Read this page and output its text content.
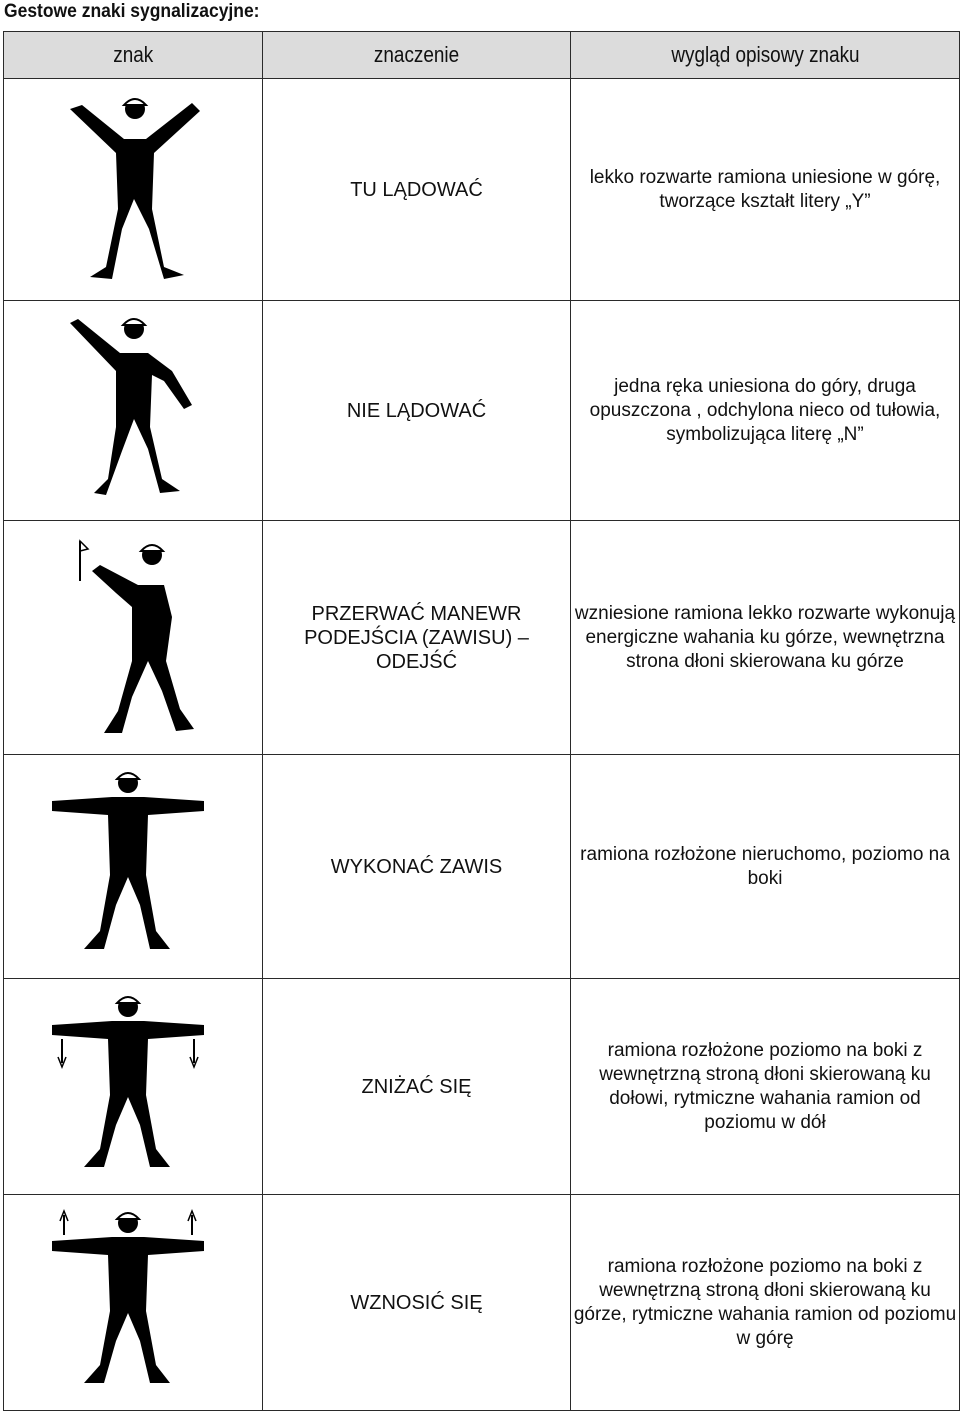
Gestowe znaki sygnalizacyjne:
znak	znaczenie	wygląd opisowy znaku

	TU LĄDOWAĆ	lekko rozwarte ramiona uniesione w górę, tworzące kształt litery „Y”

	NIE LĄDOWAĆ	jedna ręka uniesiona do góry, druga opuszczona , odchylona nieco od tułowia, symbolizująca literę „N”

	PRZERWAĆ MANEWR PODEJŚCIA (ZAWISU) – ODEJŚĆ	wzniesione ramiona lekko rozwarte wykonują energiczne wahania ku górze, wewnętrzna strona dłoni skierowana ku górze

	WYKONAĆ ZAWIS	ramiona rozłożone nieruchomo, poziomo na boki

	ZNIŻAĆ SIĘ	ramiona rozłożone poziomo na boki z wewnętrzną stroną dłoni skierowaną ku dołowi, rytmiczne wahania ramion od poziomu w dół

	WZNOSIĆ SIĘ	ramiona rozłożone poziomo na boki z wewnętrzną stroną dłoni skierowaną ku górze, rytmiczne wahania ramion od poziomu w górę
